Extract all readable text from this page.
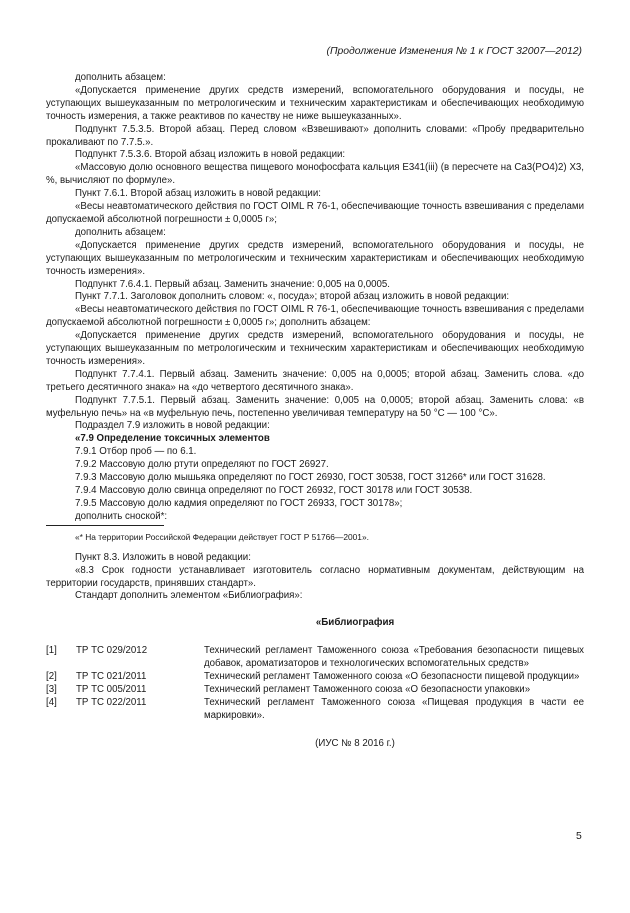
(Продолжение Изменения № 1 к ГОСТ 32007—2012)

дополнить абзацем:

«Допускается применение других средств измерений, вспомогательного оборудования и посуды, не уступающих вышеуказанным по метрологическим и техническим характеристикам и обеспечивающих необходимую точность измерения, а также реактивов по качеству не ниже вышеуказанных».

Подпункт 7.5.3.5. Второй абзац. Перед словом «Взвешивают» дополнить словами: «Пробу предварительно прокаливают по 7.7.5.».

Подпункт 7.5.3.6. Второй абзац изложить в новой редакции:

«Массовую долю основного вещества пищевого монофосфата кальция Е341(iii) (в пересчете на Ca3(PO4)2) X3, %, вычисляют по формуле».

Пункт 7.6.1. Второй абзац изложить в новой редакции:

«Весы неавтоматического действия по ГОСТ OIML R 76-1, обеспечивающие точность взвешивания с пределами допускаемой абсолютной погрешности ± 0,0005 г»;

дополнить абзацем:

«Допускается применение других средств измерений, вспомогательного оборудования и посуды, не уступающих вышеуказанным по метрологическим и техническим характеристикам и обеспечивающих необходимую точность измерения».

Подпункт 7.6.4.1. Первый абзац. Заменить значение: 0,005 на 0,0005.

Пункт 7.7.1. Заголовок дополнить словом: «, посуда»; второй абзац изложить в новой редакции:

«Весы неавтоматического действия по ГОСТ OIML R 76-1, обеспечивающие точность взвешивания с пределами допускаемой абсолютной погрешности ± 0,0005 г»; дополнить абзацем:

«Допускается применение других средств измерений, вспомогательного оборудования и посуды, не уступающих вышеуказанным по метрологическим и техническим характеристикам и обеспечивающих необходимую точность измерения».

Подпункт 7.7.4.1. Первый абзац. Заменить значение: 0,005 на 0,0005; второй абзац. Заменить слова. «до третьего десятичного знака» на «до четвертого десятичного знака».

Подпункт 7.7.5.1. Первый абзац. Заменить значение: 0,005 на 0,0005; второй абзац. Заменить слова: «в муфельную печь» на «в муфельную печь, постепенно увеличивая температуру на 50 °C — 100 °C».

Подраздел 7.9 изложить в новой редакции:

«7.9 Определение токсичных элементов

7.9.1 Отбор проб — по 6.1.

7.9.2 Массовую долю ртути определяют по ГОСТ 26927.

7.9.3 Массовую долю мышьяка определяют по ГОСТ 26930, ГОСТ 30538, ГОСТ 31266* или ГОСТ 31628.

7.9.4 Массовую долю свинца определяют по ГОСТ 26932, ГОСТ 30178 или ГОСТ 30538.

7.9.5 Массовую долю кадмия определяют по ГОСТ 26933, ГОСТ 30178»;

дополнить сноской*:

«* На территории Российской Федерации действует ГОСТ Р 51766—2001».

Пункт 8.3. Изложить в новой редакции:

«8.3 Срок годности устанавливает изготовитель согласно нормативным документам, действующим на территории государств, принявших стандарт».

Стандарт дополнить элементом «Библиография»:

«Библиография
[1]	ТР ТС 029/2012	Технический регламент Таможенного союза «Требования безопасности пищевых добавок, ароматизаторов и технологических вспомогательных средств»
[2]	ТР ТС 021/2011	Технический регламент Таможенного союза «О безопасности пищевой продукции»
[3]	ТР ТС 005/2011	Технический регламент Таможенного союза «О безопасности упаковки»
[4]	ТР ТС 022/2011	Технический регламент Таможенного союза «Пищевая продукция в части ее маркировки».
(ИУС № 8 2016 г.)
5
